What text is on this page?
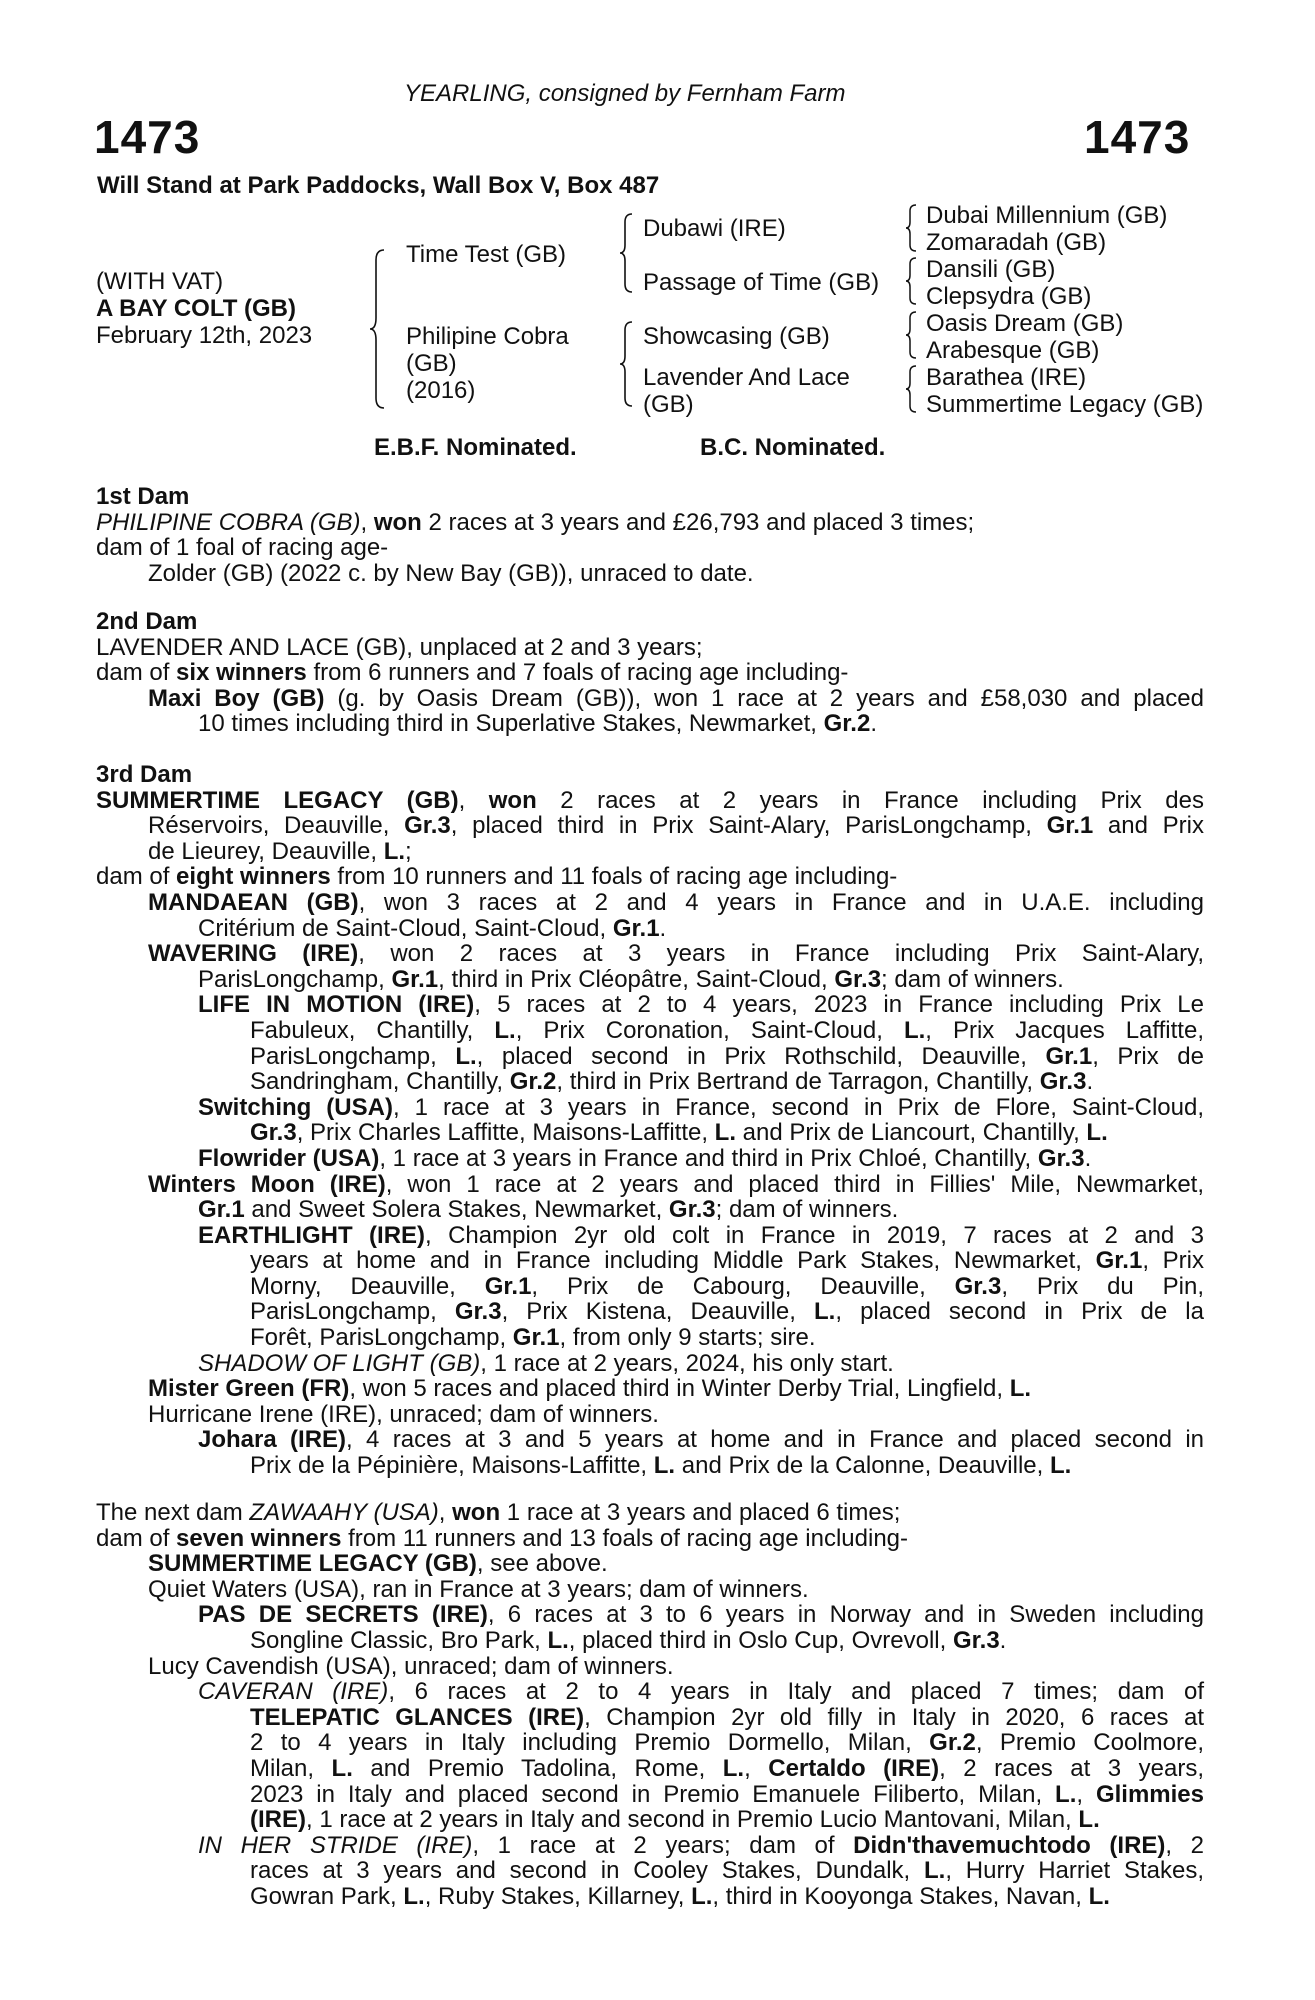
YEARLING, consigned by Fernham Farm
1473	1473
Will Stand at Park Paddocks, Wall Box V, Box 487
(WITH VAT)
A BAY COLT (GB)
February 12th, 2023
Time Test (GB)
Philipine Cobra
(GB)
(2016)
Dubawi (IRE)
Passage of Time (GB)
Showcasing (GB)
Lavender And Lace
(GB)
Dubai Millennium (GB)
Zomaradah (GB)
Dansili (GB)
Clepsydra (GB)
Oasis Dream (GB)
Arabesque (GB)
Barathea (IRE)
Summertime Legacy (GB)
E.B.F. Nominated.	B.C. Nominated.
1st Dam
PHILIPINE COBRA (GB), won 2 races at 3 years and £26,793 and placed 3 times;
dam of 1 foal of racing age-
Zolder (GB) (2022 c. by New Bay (GB)), unraced to date.
2nd Dam
LAVENDER AND LACE (GB), unplaced at 2 and 3 years;
dam of six winners from 6 runners and 7 foals of racing age including-
Maxi Boy (GB) (g. by Oasis Dream (GB)), won 1 race at 2 years and £58,030 and placed
10 times including third in Superlative Stakes, Newmarket, Gr.2.
3rd Dam
SUMMERTIME LEGACY (GB), won 2 races at 2 years in France including Prix des
Réservoirs, Deauville, Gr.3, placed third in Prix Saint-Alary, ParisLongchamp, Gr.1 and Prix
de Lieurey, Deauville, L.;
dam of eight winners from 10 runners and 11 foals of racing age including-
MANDAEAN (GB), won 3 races at 2 and 4 years in France and in U.A.E. including
Critérium de Saint-Cloud, Saint-Cloud, Gr.1.
WAVERING (IRE), won 2 races at 3 years in France including Prix Saint-Alary,
ParisLongchamp, Gr.1, third in Prix Cléopâtre, Saint-Cloud, Gr.3; dam of winners.
LIFE IN MOTION (IRE), 5 races at 2 to 4 years, 2023 in France including Prix Le
Fabuleux, Chantilly, L., Prix Coronation, Saint-Cloud, L., Prix Jacques Laffitte,
ParisLongchamp, L., placed second in Prix Rothschild, Deauville, Gr.1, Prix de
Sandringham, Chantilly, Gr.2, third in Prix Bertrand de Tarragon, Chantilly, Gr.3.
Switching (USA), 1 race at 3 years in France, second in Prix de Flore, Saint-Cloud,
Gr.3, Prix Charles Laffitte, Maisons-Laffitte, L. and Prix de Liancourt, Chantilly, L.
Flowrider (USA), 1 race at 3 years in France and third in Prix Chloé, Chantilly, Gr.3.
Winters Moon (IRE), won 1 race at 2 years and placed third in Fillies' Mile, Newmarket,
Gr.1 and Sweet Solera Stakes, Newmarket, Gr.3; dam of winners.
EARTHLIGHT (IRE), Champion 2yr old colt in France in 2019, 7 races at 2 and 3
years at home and in France including Middle Park Stakes, Newmarket, Gr.1, Prix
Morny, Deauville, Gr.1, Prix de Cabourg, Deauville, Gr.3, Prix du Pin,
ParisLongchamp, Gr.3, Prix Kistena, Deauville, L., placed second in Prix de la
Forêt, ParisLongchamp, Gr.1, from only 9 starts; sire.
SHADOW OF LIGHT (GB), 1 race at 2 years, 2024, his only start.
Mister Green (FR), won 5 races and placed third in Winter Derby Trial, Lingfield, L.
Hurricane Irene (IRE), unraced; dam of winners.
Johara (IRE), 4 races at 3 and 5 years at home and in France and placed second in
Prix de la Pépinière, Maisons-Laffitte, L. and Prix de la Calonne, Deauville, L.
The next dam ZAWAAHY (USA), won 1 race at 3 years and placed 6 times;
dam of seven winners from 11 runners and 13 foals of racing age including-
SUMMERTIME LEGACY (GB), see above.
Quiet Waters (USA), ran in France at 3 years; dam of winners.
PAS DE SECRETS (IRE), 6 races at 3 to 6 years in Norway and in Sweden including
Songline Classic, Bro Park, L., placed third in Oslo Cup, Ovrevoll, Gr.3.
Lucy Cavendish (USA), unraced; dam of winners.
CAVERAN (IRE), 6 races at 2 to 4 years in Italy and placed 7 times; dam of
TELEPATIC GLANCES (IRE), Champion 2yr old filly in Italy in 2020, 6 races at
2 to 4 years in Italy including Premio Dormello, Milan, Gr.2, Premio Coolmore,
Milan, L. and Premio Tadolina, Rome, L., Certaldo (IRE), 2 races at 3 years,
2023 in Italy and placed second in Premio Emanuele Filiberto, Milan, L., Glimmies
(IRE), 1 race at 2 years in Italy and second in Premio Lucio Mantovani, Milan, L.
IN HER STRIDE (IRE), 1 race at 2 years; dam of Didn'thavemuchtodo (IRE), 2
races at 3 years and second in Cooley Stakes, Dundalk, L., Hurry Harriet Stakes,
Gowran Park, L., Ruby Stakes, Killarney, L., third in Kooyonga Stakes, Navan, L.
